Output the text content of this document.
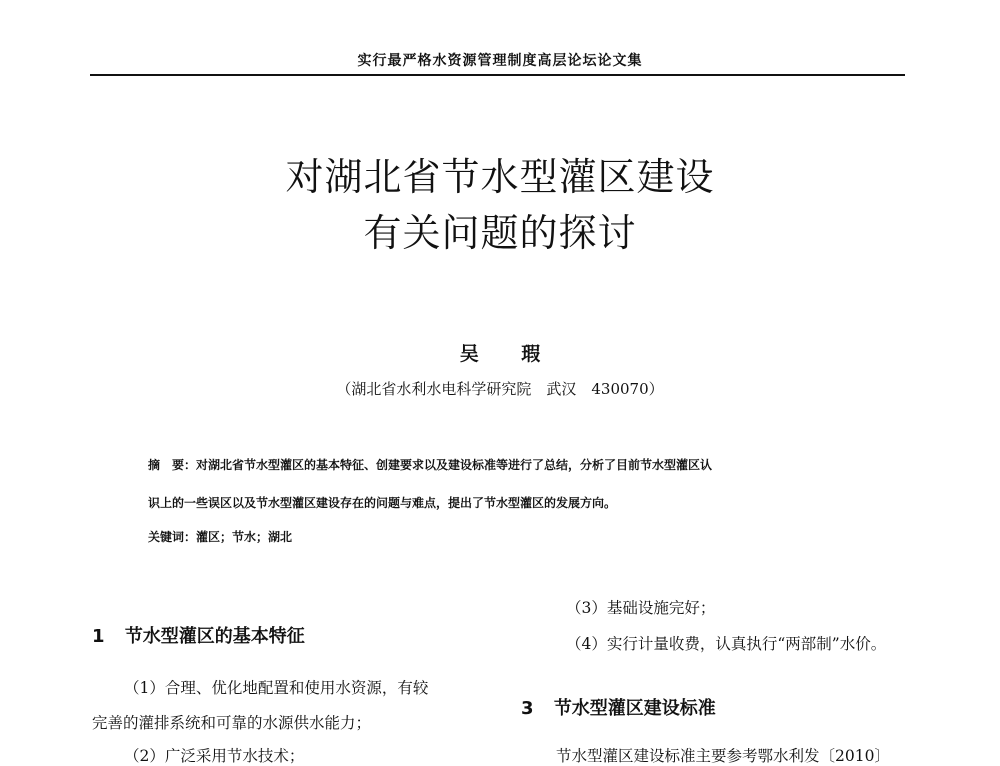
实行最严格水资源管理制度高层论坛论文集
对湖北省节水型灌区建设
有关问题的探讨
吴 瑕
（湖北省水利水电科学研究院　武汉　430070）
摘　要：对湖北省节水型灌区的基本特征、创建要求以及建设标准等进行了总结，分析了目前节水型灌区认
识上的一些误区以及节水型灌区建设存在的问题与难点，提出了节水型灌区的发展方向。
关键词：灌区；节水；湖北
1 节水型灌区的基本特征
（1）合理、优化地配置和使用水资源，有较
完善的灌排系统和可靠的水源供水能力；
（2）广泛采用节水技术；
（3）基础设施完好；
（4）实行计量收费，认真执行“两部制”水价。
3 节水型灌区建设标准
节水型灌区建设标准主要参考鄂水利发〔2010〕
